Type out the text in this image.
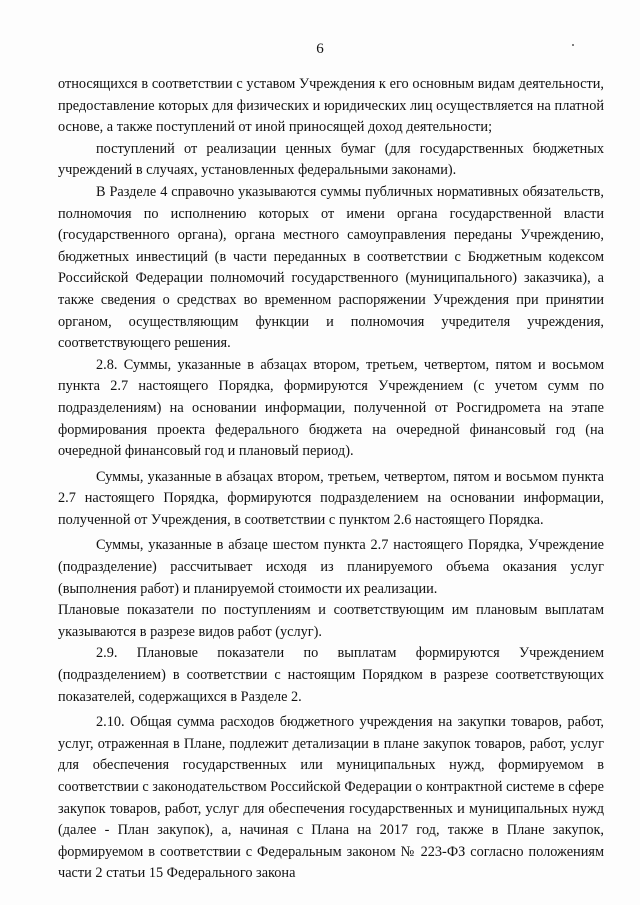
6

относящихся в соответствии с уставом Учреждения к его основным видам деятельности, предоставление которых для физических и юридических лиц осуществляется на платной основе, а также поступлений от иной приносящей доход деятельности;

поступлений от реализации ценных бумаг (для государственных бюджетных учреждений в случаях, установленных федеральными законами).

В Разделе 4 справочно указываются суммы публичных нормативных обязательств, полномочия по исполнению которых от имени органа государственной власти (государственного органа), органа местного самоуправления переданы Учреждению, бюджетных инвестиций (в части переданных в соответствии с Бюджетным кодексом Российской Федерации полномочий государственного (муниципального) заказчика), а также сведения о средствах во временном распоряжении Учреждения при принятии органом, осуществляющим функции и полномочия учредителя учреждения, соответствующего решения.

2.8. Суммы, указанные в абзацах втором, третьем, четвертом, пятом и восьмом пункта 2.7 настоящего Порядка, формируются Учреждением (с учетом сумм по подразделениям) на основании информации, полученной от Росгидромета на этапе формирования проекта федерального бюджета на очередной финансовый год (на очередной финансовый год и плановый период).

Суммы, указанные в абзацах втором, третьем, четвертом, пятом и восьмом пункта 2.7 настоящего Порядка, формируются подразделением на основании информации, полученной от Учреждения, в соответствии с пунктом 2.6 настоящего Порядка.

Суммы, указанные в абзаце шестом пункта 2.7 настоящего Порядка, Учреждение (подразделение) рассчитывает исходя из планируемого объема оказания услуг (выполнения работ) и планируемой стоимости их реализации.

Плановые показатели по поступлениям и соответствующим им плановым выплатам указываются в разрезе видов работ (услуг).

2.9. Плановые показатели по выплатам формируются Учреждением (подразделением) в соответствии с настоящим Порядком в разрезе соответствующих показателей, содержащихся в Разделе 2.

2.10. Общая сумма расходов бюджетного учреждения на закупки товаров, работ, услуг, отраженная в Плане, подлежит детализации в плане закупок товаров, работ, услуг для обеспечения государственных или муниципальных нужд, формируемом в соответствии с законодательством Российской Федерации о контрактной системе в сфере закупок товаров, работ, услуг для обеспечения государственных и муниципальных нужд (далее - План закупок), а, начиная с Плана на 2017 год, также в Плане закупок, формируемом в соответствии с Федеральным законом № 223-ФЗ согласно положениям части 2 статьи 15 Федерального закона
